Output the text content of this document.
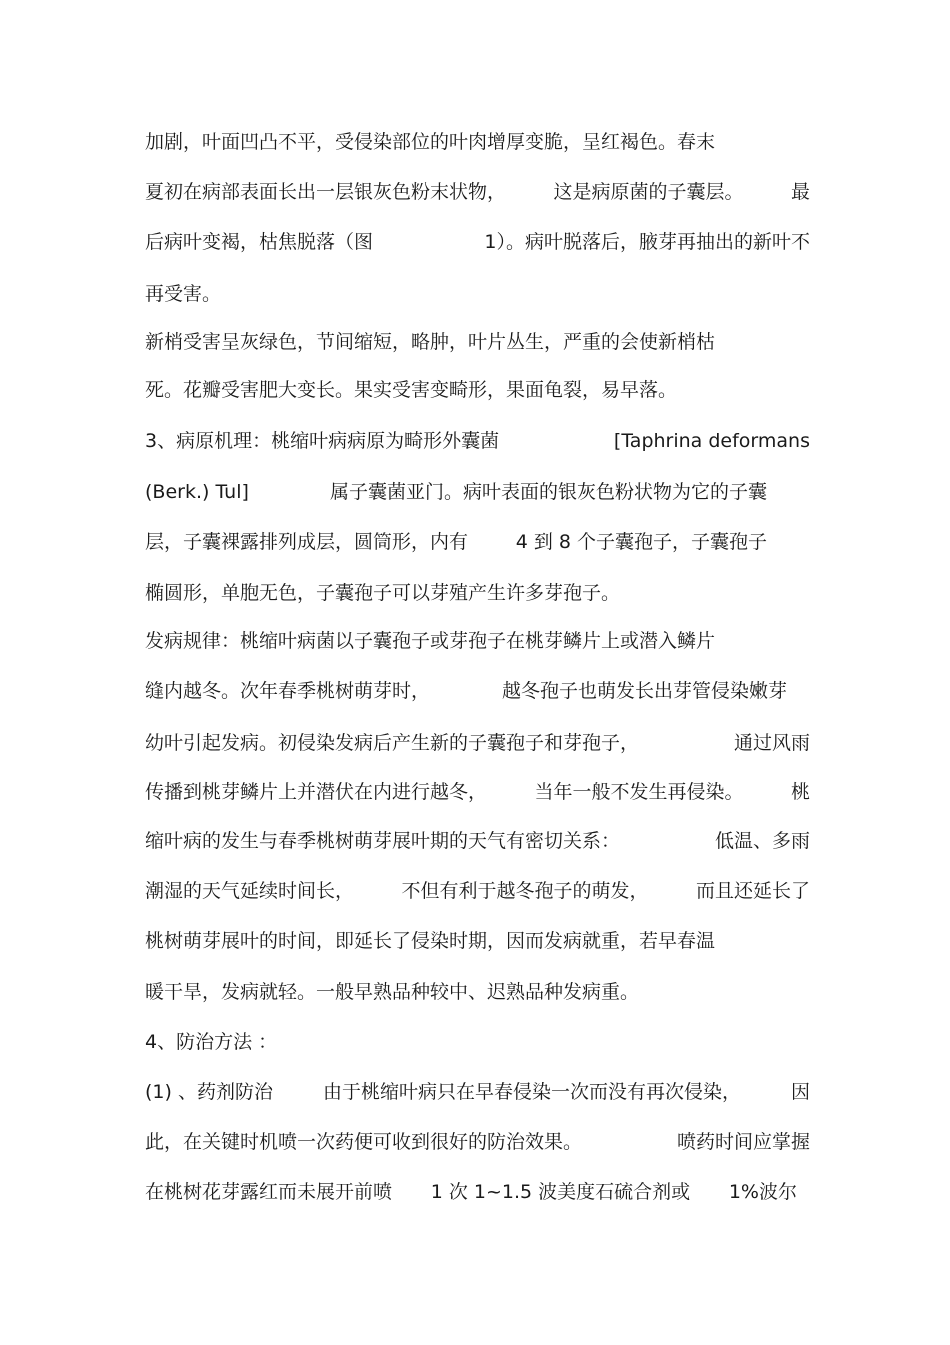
加剧，叶面凹凸不平，受侵染部位的叶肉增厚变脆，呈红褐色。春末
夏初在病部表面长出一层银灰色粉末状物， 这是病原菌的子囊层。 最
后病叶变褐，枯焦脱落（图	1）。病叶脱落后，腋芽再抽出的新叶不
再受害。
新梢受害呈灰绿色，节间缩短，略肿，叶片丛生，严重的会使新梢枯
死。花瓣受害肥大变长。果实受害变畸形，果面龟裂，易早落。
3、病原机理：桃缩叶病病原为畸形外囊菌	[Taphrina deformans
(Berk.) Tul]	属子囊菌亚门。病叶表面的银灰色粉状物为它的子囊
层，子囊裸露排列成层，圆筒形，内有	4 到 8 个子囊孢子，子囊孢子
椭圆形，单胞无色，子囊孢子可以芽殖产生许多芽孢子。
发病规律：桃缩叶病菌以子囊孢子或芽孢子在桃芽鳞片上或潜入鳞片
缝内越冬。次年春季桃树萌芽时，	越冬孢子也萌发长出芽管侵染嫩芽
幼叶引起发病。初侵染发病后产生新的子囊孢子和芽孢子，	通过风雨
传播到桃芽鳞片上并潜伏在内进行越冬， 当年一般不发生再侵染。 桃
缩叶病的发生与春季桃树萌芽展叶期的天气有密切关系：	低温、多雨
潮湿的天气延续时间长， 不但有利于越冬孢子的萌发， 而且还延长了
桃树萌芽展叶的时间，即延长了侵染时期，因而发病就重，若早春温
暖干旱，发病就轻。一般早熟品种较中、迟熟品种发病重。
4、防治方法 ：
(1) 、药剂防治	由于桃缩叶病只在早春侵染一次而没有再次侵染，	因
此，在关键时机喷一次药便可收到很好的防治效果。	喷药时间应掌握
在桃树花芽露红而未展开前喷 1 次 1~1.5 波美度石硫合剂或 1%波尔
